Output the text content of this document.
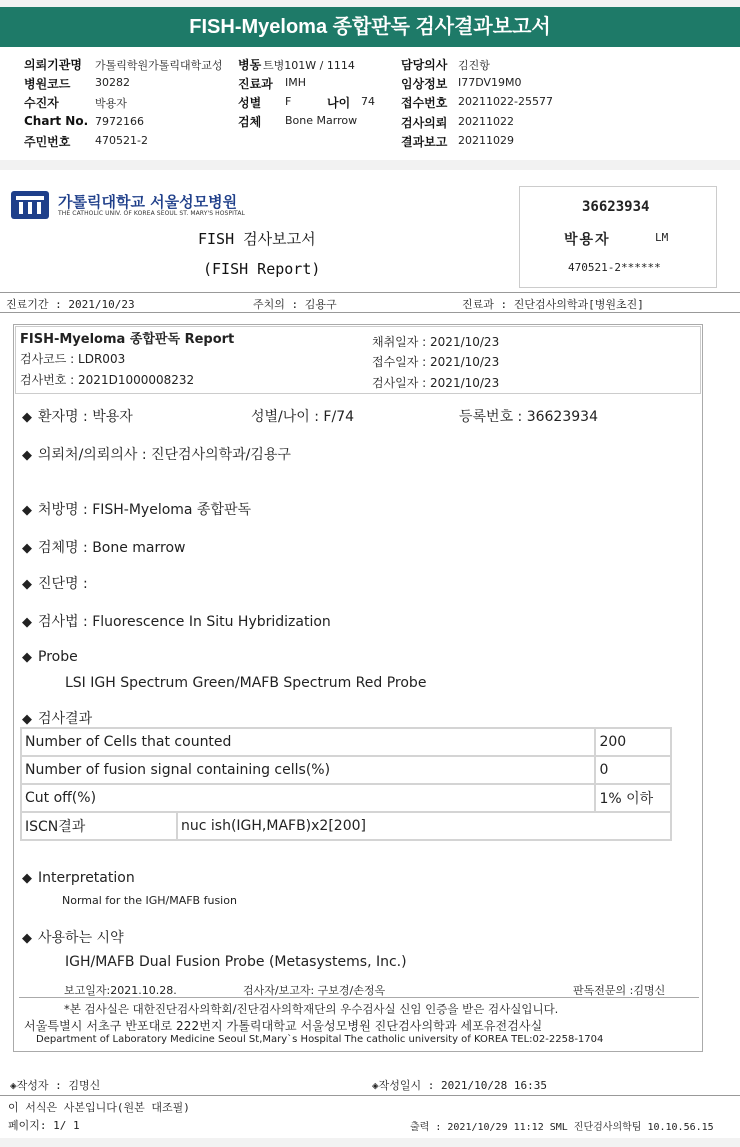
FISH-Myeloma 종합판독 검사결과보고서
의뢰기관명 가톨릭학원가톨릭대학교성 병동 트병101W / 1114	담당의사 김진항
병원코드 30282	진료과 IMH	임상정보 I77DV19M0
수진자	박용자	성별 F	나이 74 접수번호 20211022-25577
Chart No. 7972166	검체 Bone Marrow	검사의뢰 20211022
주민번호 470521-2	결과보고 20211029
가톨릭대학교 서울성모병원
THE CATHOLIC UNIV. OF KOREA SEOUL ST. MARY'S HOSPITAL
FISH 검사보고서
(FISH Report)
36623934
박용자	LM
470521-2******
진료기간 : 2021/10/23	주치의 : 김용구	진료과 : 진단검사의학과[병원초진]
FISH-Myeloma 종합판독 Report
검사코드 : LDR003
검사번호 : 2021D1000008232
채취일자 : 2021/10/23
접수일자 : 2021/10/23
검사일자 : 2021/10/23
◆ 환자명 : 박용자	성별/나이 : F/74	등록번호 : 36623934
◆ 의뢰처/의뢰의사 : 진단검사의학과/김용구
◆ 처방명 : FISH-Myeloma 종합판독
◆ 검체명 : Bone marrow
◆ 진단명 :
◆ 검사법 : Fluorescence In Situ Hybridization
◆ Probe
LSI IGH Spectrum Green/MAFB Spectrum Red Probe
◆ 검사결과
Number of Cells that counted		200
Number of fusion signal containing cells(%)		0
Cut off(%)		1% 이하
ISCN결과	nuc ish(IGH,MAFB)x2[200]	
◆ Interpretation
Normal for the IGH/MAFB fusion
◆ 사용하는 시약
IGH/MAFB Dual Fusion Probe (Metasystems, Inc.)
보고일자:2021.10.28.	검사자/보고자: 구보경/손정옥	판독전문의 :김명신
*본 검사실은 대한진단검사의학회/진단검사의학재단의 우수검사실 신임 인증을 받은 검사실입니다.
서울특별시 서초구 반포대로 222번지 가톨릭대학교 서울성모병원 진단검사의학과 세포유전검사실
Department of Laboratory Medicine Seoul St,Mary`s Hospital The catholic university of KOREA TEL:02-2258-1704
◈작성자 : 김명신	◈작성일시 : 2021/10/28 16:35
이 서식은 사본입니다(원본 대조필)
페이지: 1/ 1	출력 : 2021/10/29 11:12 SML 진단검사의학팀 10.10.56.15
